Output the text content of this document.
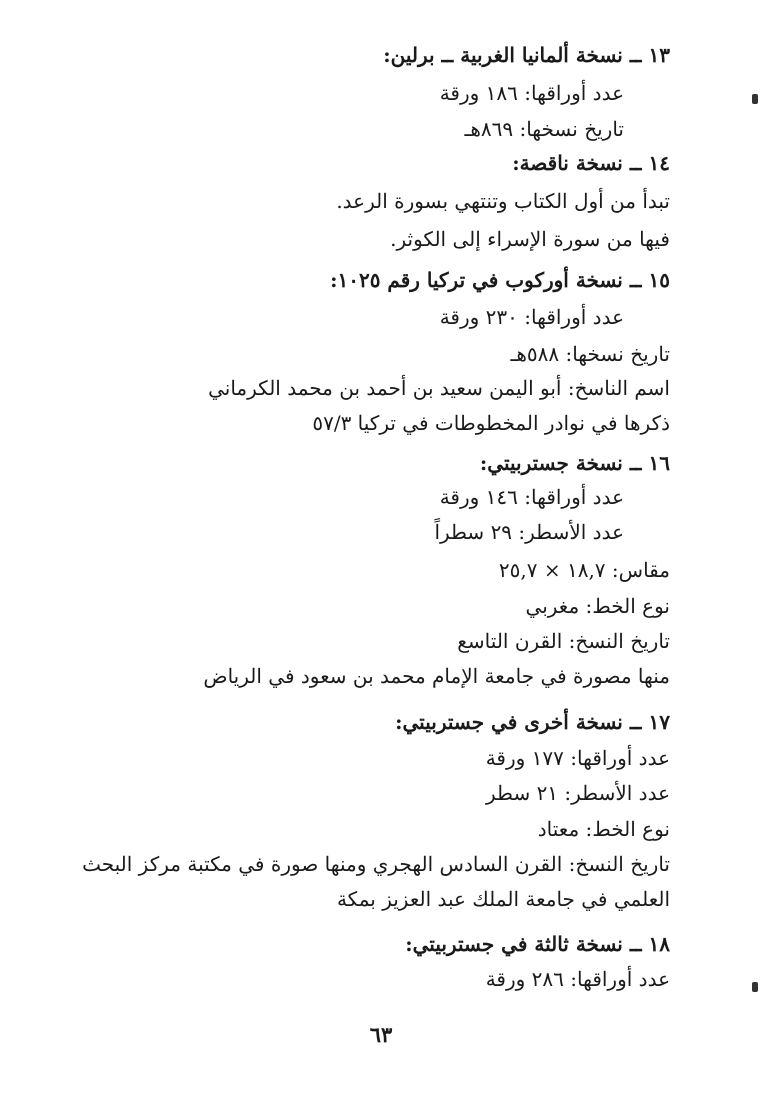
١٣ ــ نسخة ألمانيا الغربية ــ برلين:
عدد أوراقها: ١٨٦ ورقة
تاريخ نسخها: ٨٦٩هـ
١٤ ــ نسخة ناقصة:
تبدأ من أول الكتاب وتنتهي بسورة الرعد.
فيها من سورة الإسراء إلى الكوثر.
١٥ ــ نسخة أوركوب في تركيا رقم ١٠٢٥:
عدد أوراقها: ٢٣٠ ورقة
تاريخ نسخها: ٥٨٨هـ
اسم الناسخ: أبو اليمن سعيد بن أحمد بن محمد الكرماني
ذكرها في نوادر المخطوطات في تركيا ٥٧/٣
١٦ ــ نسخة جستربيتي:
عدد أوراقها: ١٤٦ ورقة
عدد الأسطر: ٢٩ سطراً
مقاس: ١٨,٧ × ٢٥,٧
نوع الخط: مغربي
تاريخ النسخ: القرن التاسع
منها مصورة في جامعة الإمام محمد بن سعود في الرياض
١٧ ــ نسخة أخرى في جستربيتي:
عدد أوراقها: ١٧٧ ورقة
عدد الأسطر: ٢١ سطر
نوع الخط: معتاد
تاريخ النسخ: القرن السادس الهجري ومنها صورة في مكتبة مركز البحث
العلمي في جامعة الملك عبد العزيز بمكة
١٨ ــ نسخة ثالثة في جستربيتي:
عدد أوراقها: ٢٨٦ ورقة
٦٣
